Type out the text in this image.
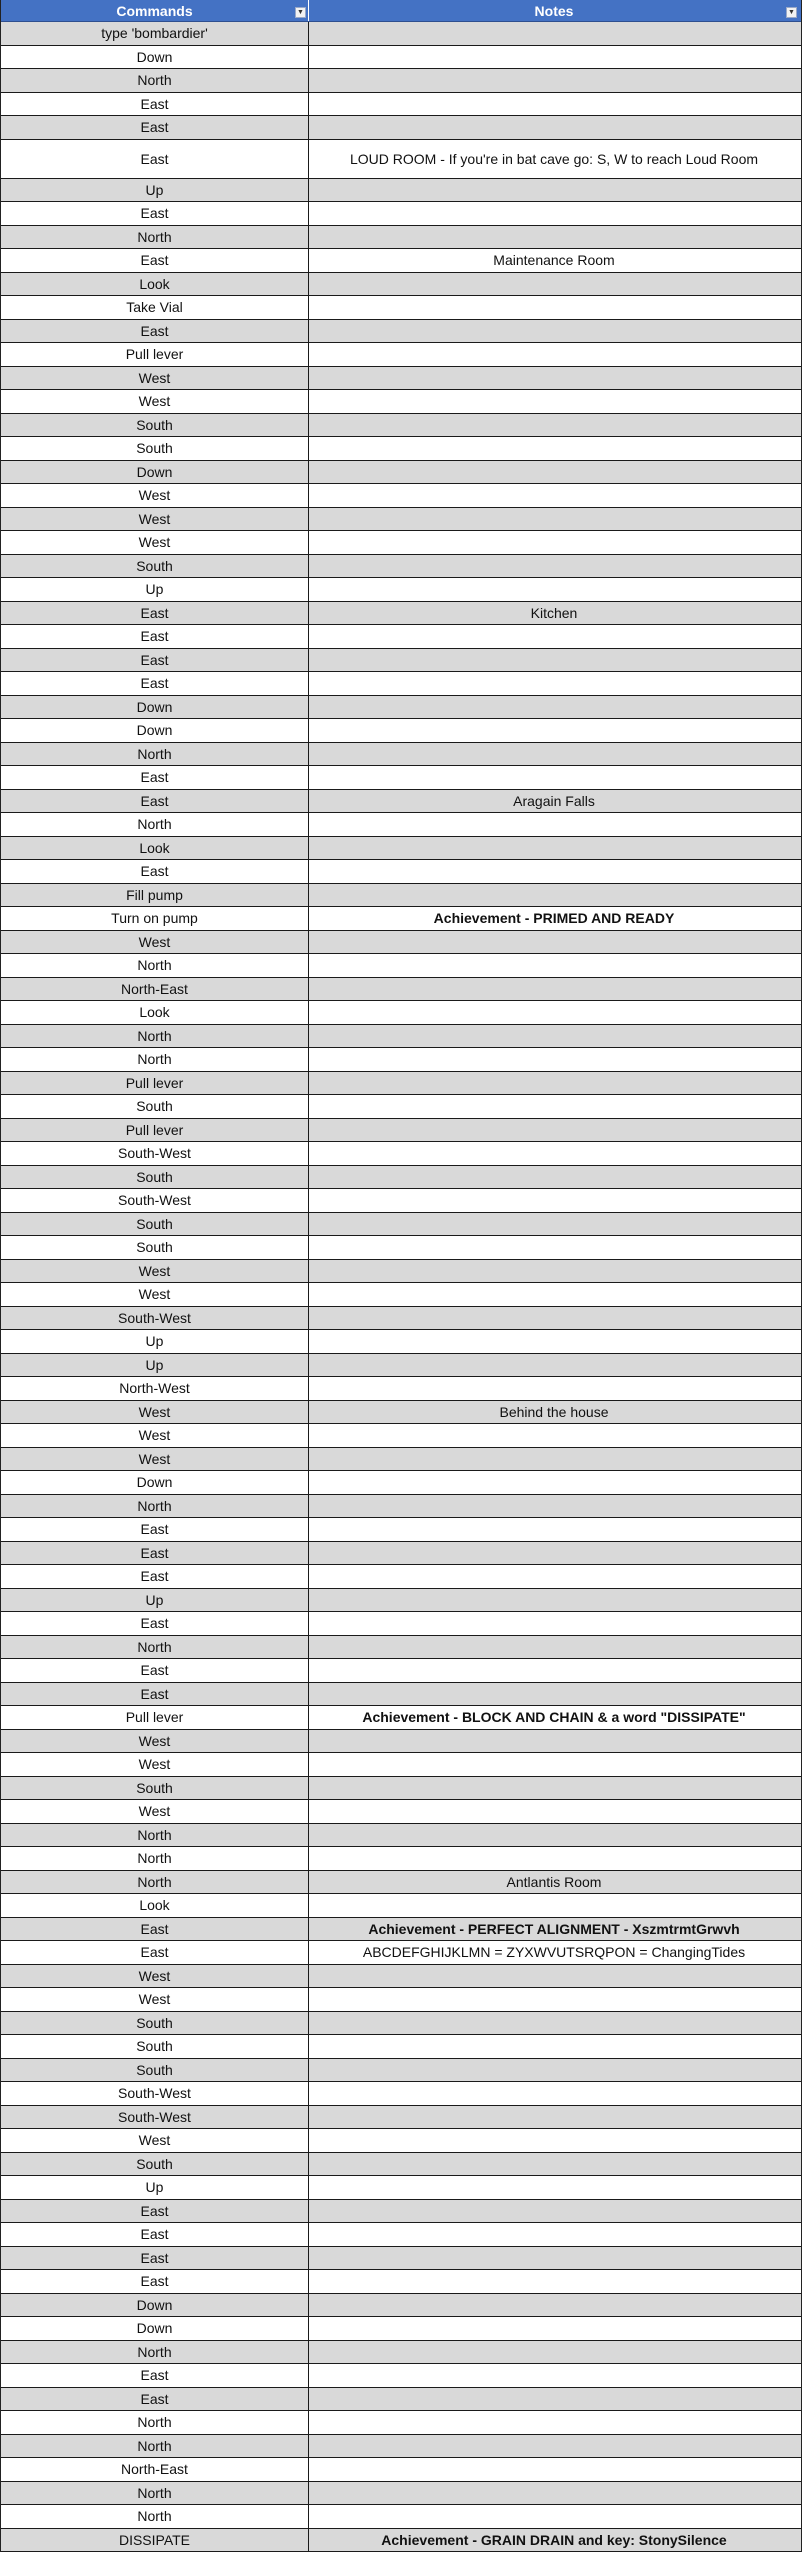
Commands	▼	Notes	▼
type 'bombardier'
Down
North
East
East
East	LOUD ROOM - If you're in bat cave go: S, W to reach Loud Room
Up
East
North
East	Maintenance Room
Look
Take Vial
East
Pull lever
West
West
South
South
Down
West
West
West
South
Up
East	Kitchen
East
East
East
Down
Down
North
East
East	Aragain Falls
North
Look
East
Fill pump
Turn on pump	Achievement - PRIMED AND READY
West
North
North-East
Look
North
North
Pull lever
South
Pull lever
South-West
South
South-West
South
South
West
West
South-West
Up
Up
North-West
West	Behind the house
West
West
Down
North
East
East
East
Up
East
North
East
East
Pull lever	Achievement - BLOCK AND CHAIN & a word "DISSIPATE"
West
West
South
West
North
North
North	Antlantis Room
Look
East	Achievement - PERFECT ALIGNMENT - XszmtrmtGrwvh
East	ABCDEFGHIJKLMN = ZYXWVUTSRQPON = ChangingTides
West
West
South
South
South
South-West
South-West
West
South
Up
East
East
East
East
Down
Down
North
East
East
North
North
North-East
North
North
DISSIPATE	Achievement - GRAIN DRAIN and key: StonySilence
